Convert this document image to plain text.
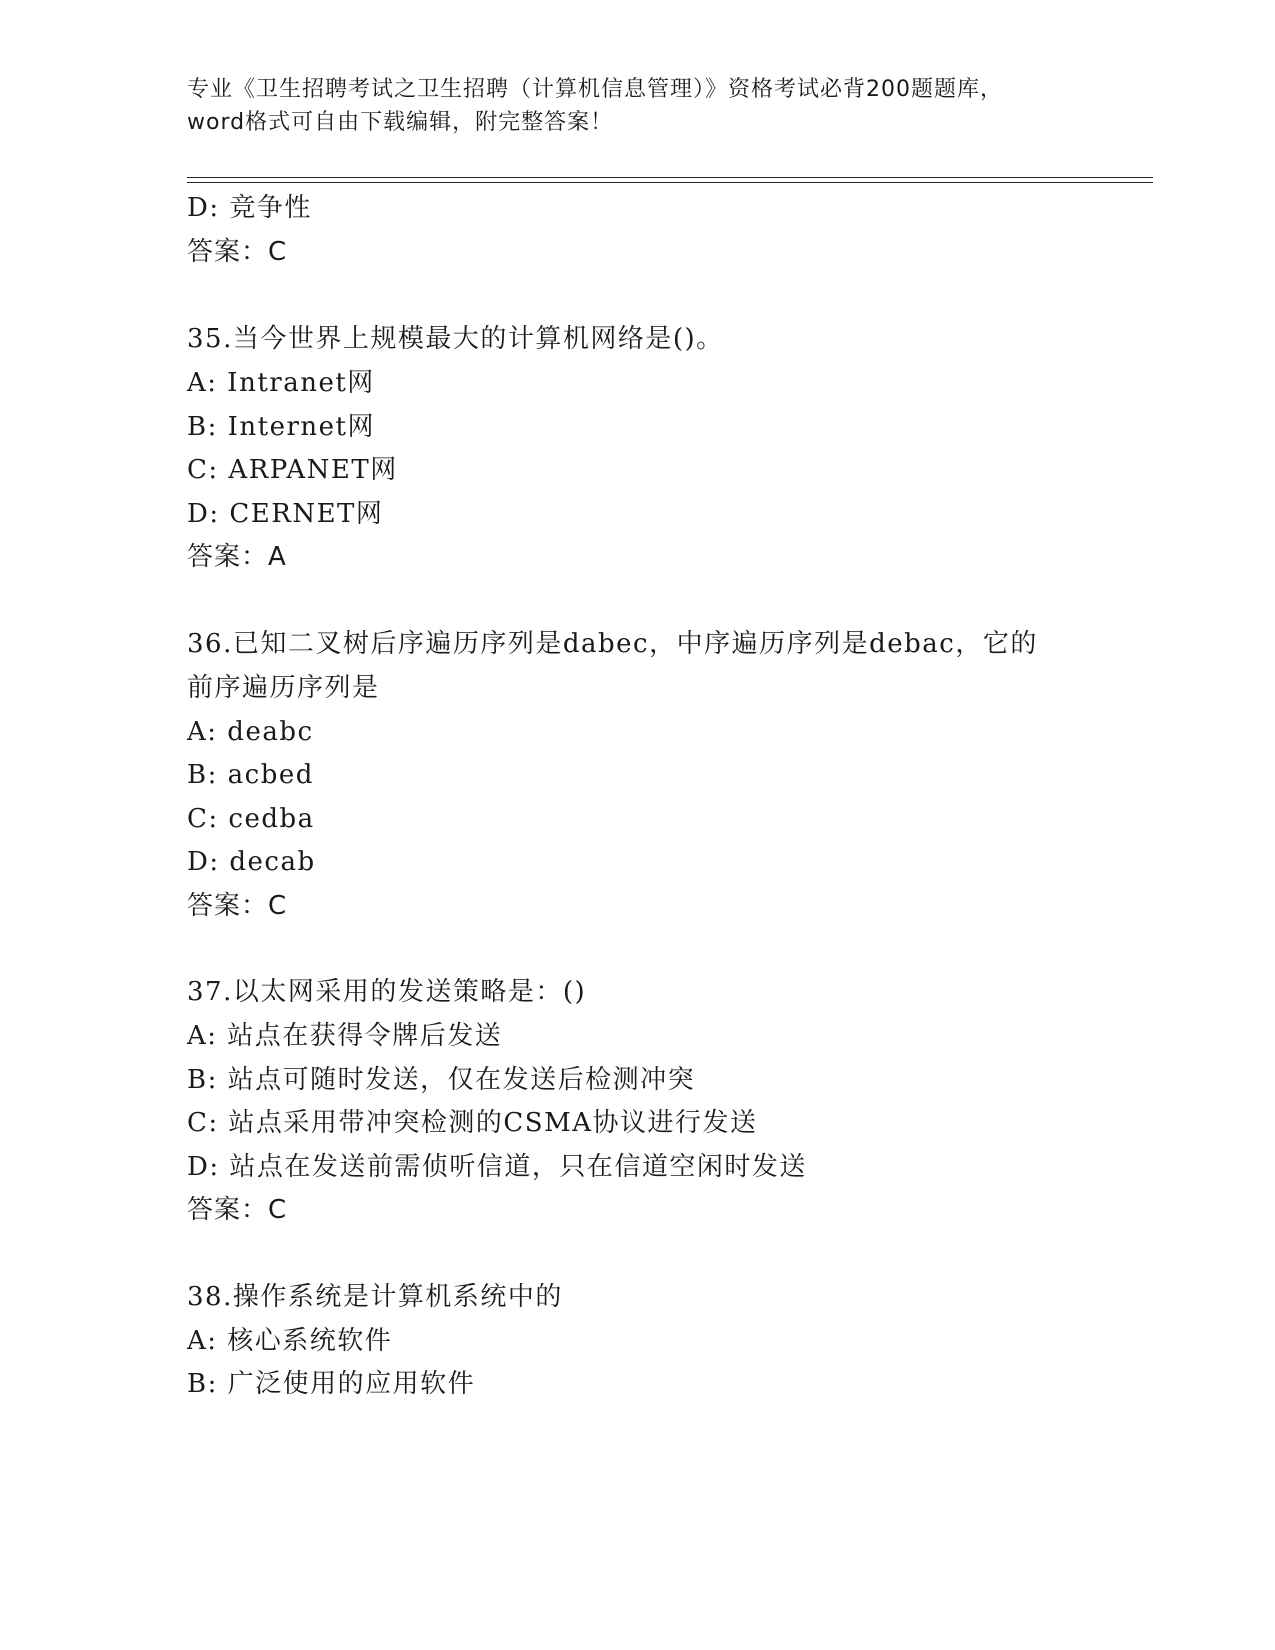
专业《卫生招聘考试之卫生招聘（计算机信息管理）》资格考试必背200题题库，
word格式可自由下载编辑，附完整答案！
D: 竞争性
答案：C
35.当今世界上规模最大的计算机网络是()。
A: Intranet网
B: Internet网
C: ARPANET网
D: CERNET网
答案：A
36.已知二叉树后序遍历序列是dabec，中序遍历序列是debac，它的
前序遍历序列是
A: deabc
B: acbed
C: cedba
D: decab
答案：C
37.以太网采用的发送策略是：()
A: 站点在获得令牌后发送
B: 站点可随时发送，仅在发送后检测冲突
C: 站点采用带冲突检测的CSMA协议进行发送
D: 站点在发送前需侦听信道，只在信道空闲时发送
答案：C
38.操作系统是计算机系统中的
A: 核心系统软件
B: 广泛使用的应用软件
